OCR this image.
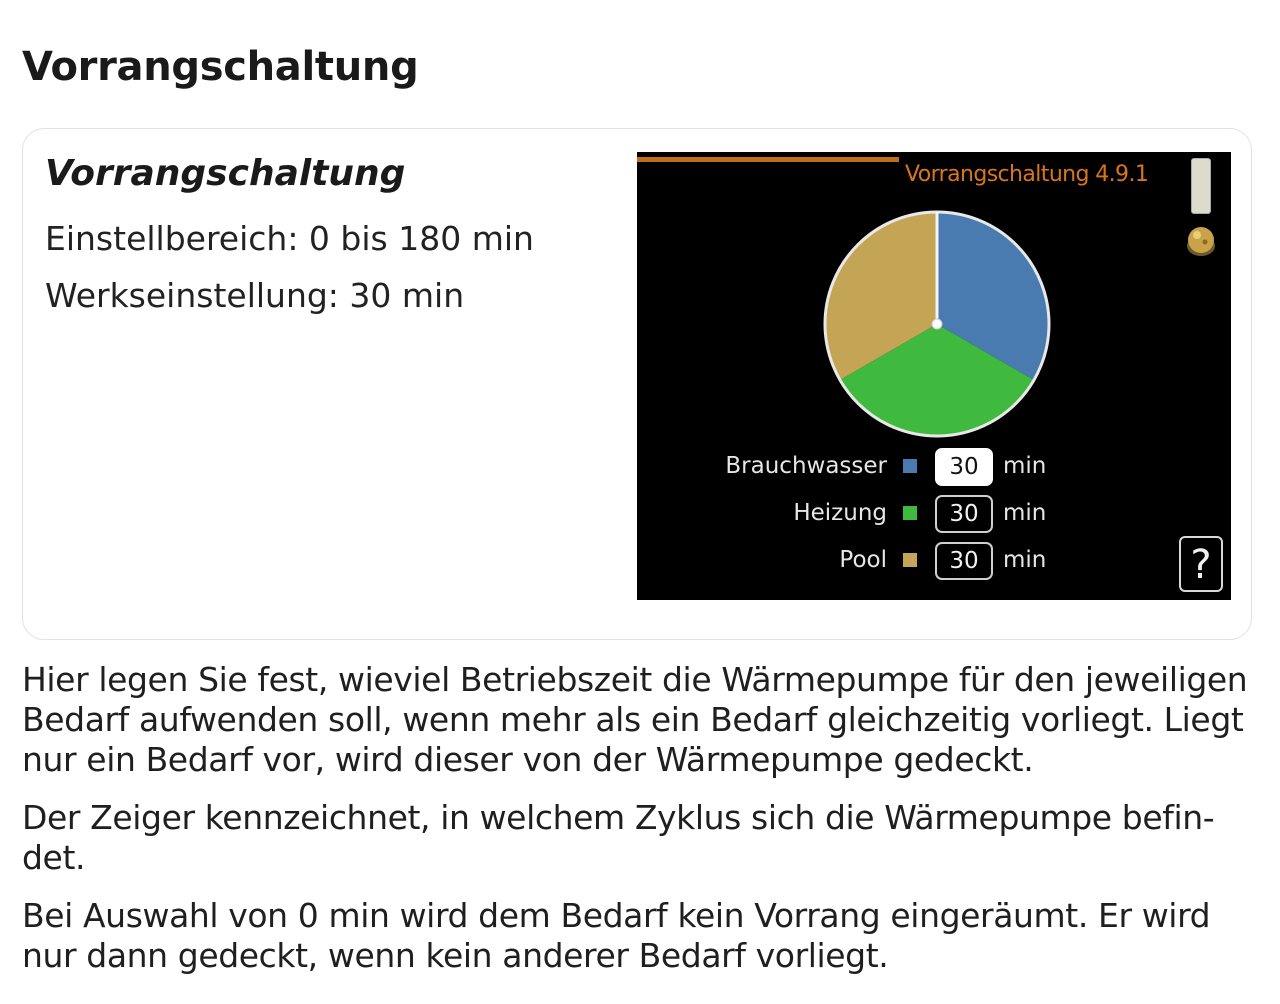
Vorrangschaltung
Vorrangschaltung

Einstellbereich: 0 bis 180 min

Werkseinstellung: 30 min

Vorrangschaltung 4.9.1
Brauchwasser	30	min
Heizung	30	min
Pool	30	min	?

Hier legen Sie fest, wieviel Betriebszeit die Wärmepumpe für den jeweiligen Bedarf aufwenden soll, wenn mehr als ein Bedarf gleichzeitig vorliegt. Liegt nur ein Bedarf vor, wird dieser von der Wärmepumpe gedeckt.

Der Zeiger kennzeichnet, in welchem Zyklus sich die Wärmepumpe befin-det.

Bei Auswahl von 0 min wird dem Bedarf kein Vorrang eingeräumt. Er wird nur dann gedeckt, wenn kein anderer Bedarf vorliegt.
